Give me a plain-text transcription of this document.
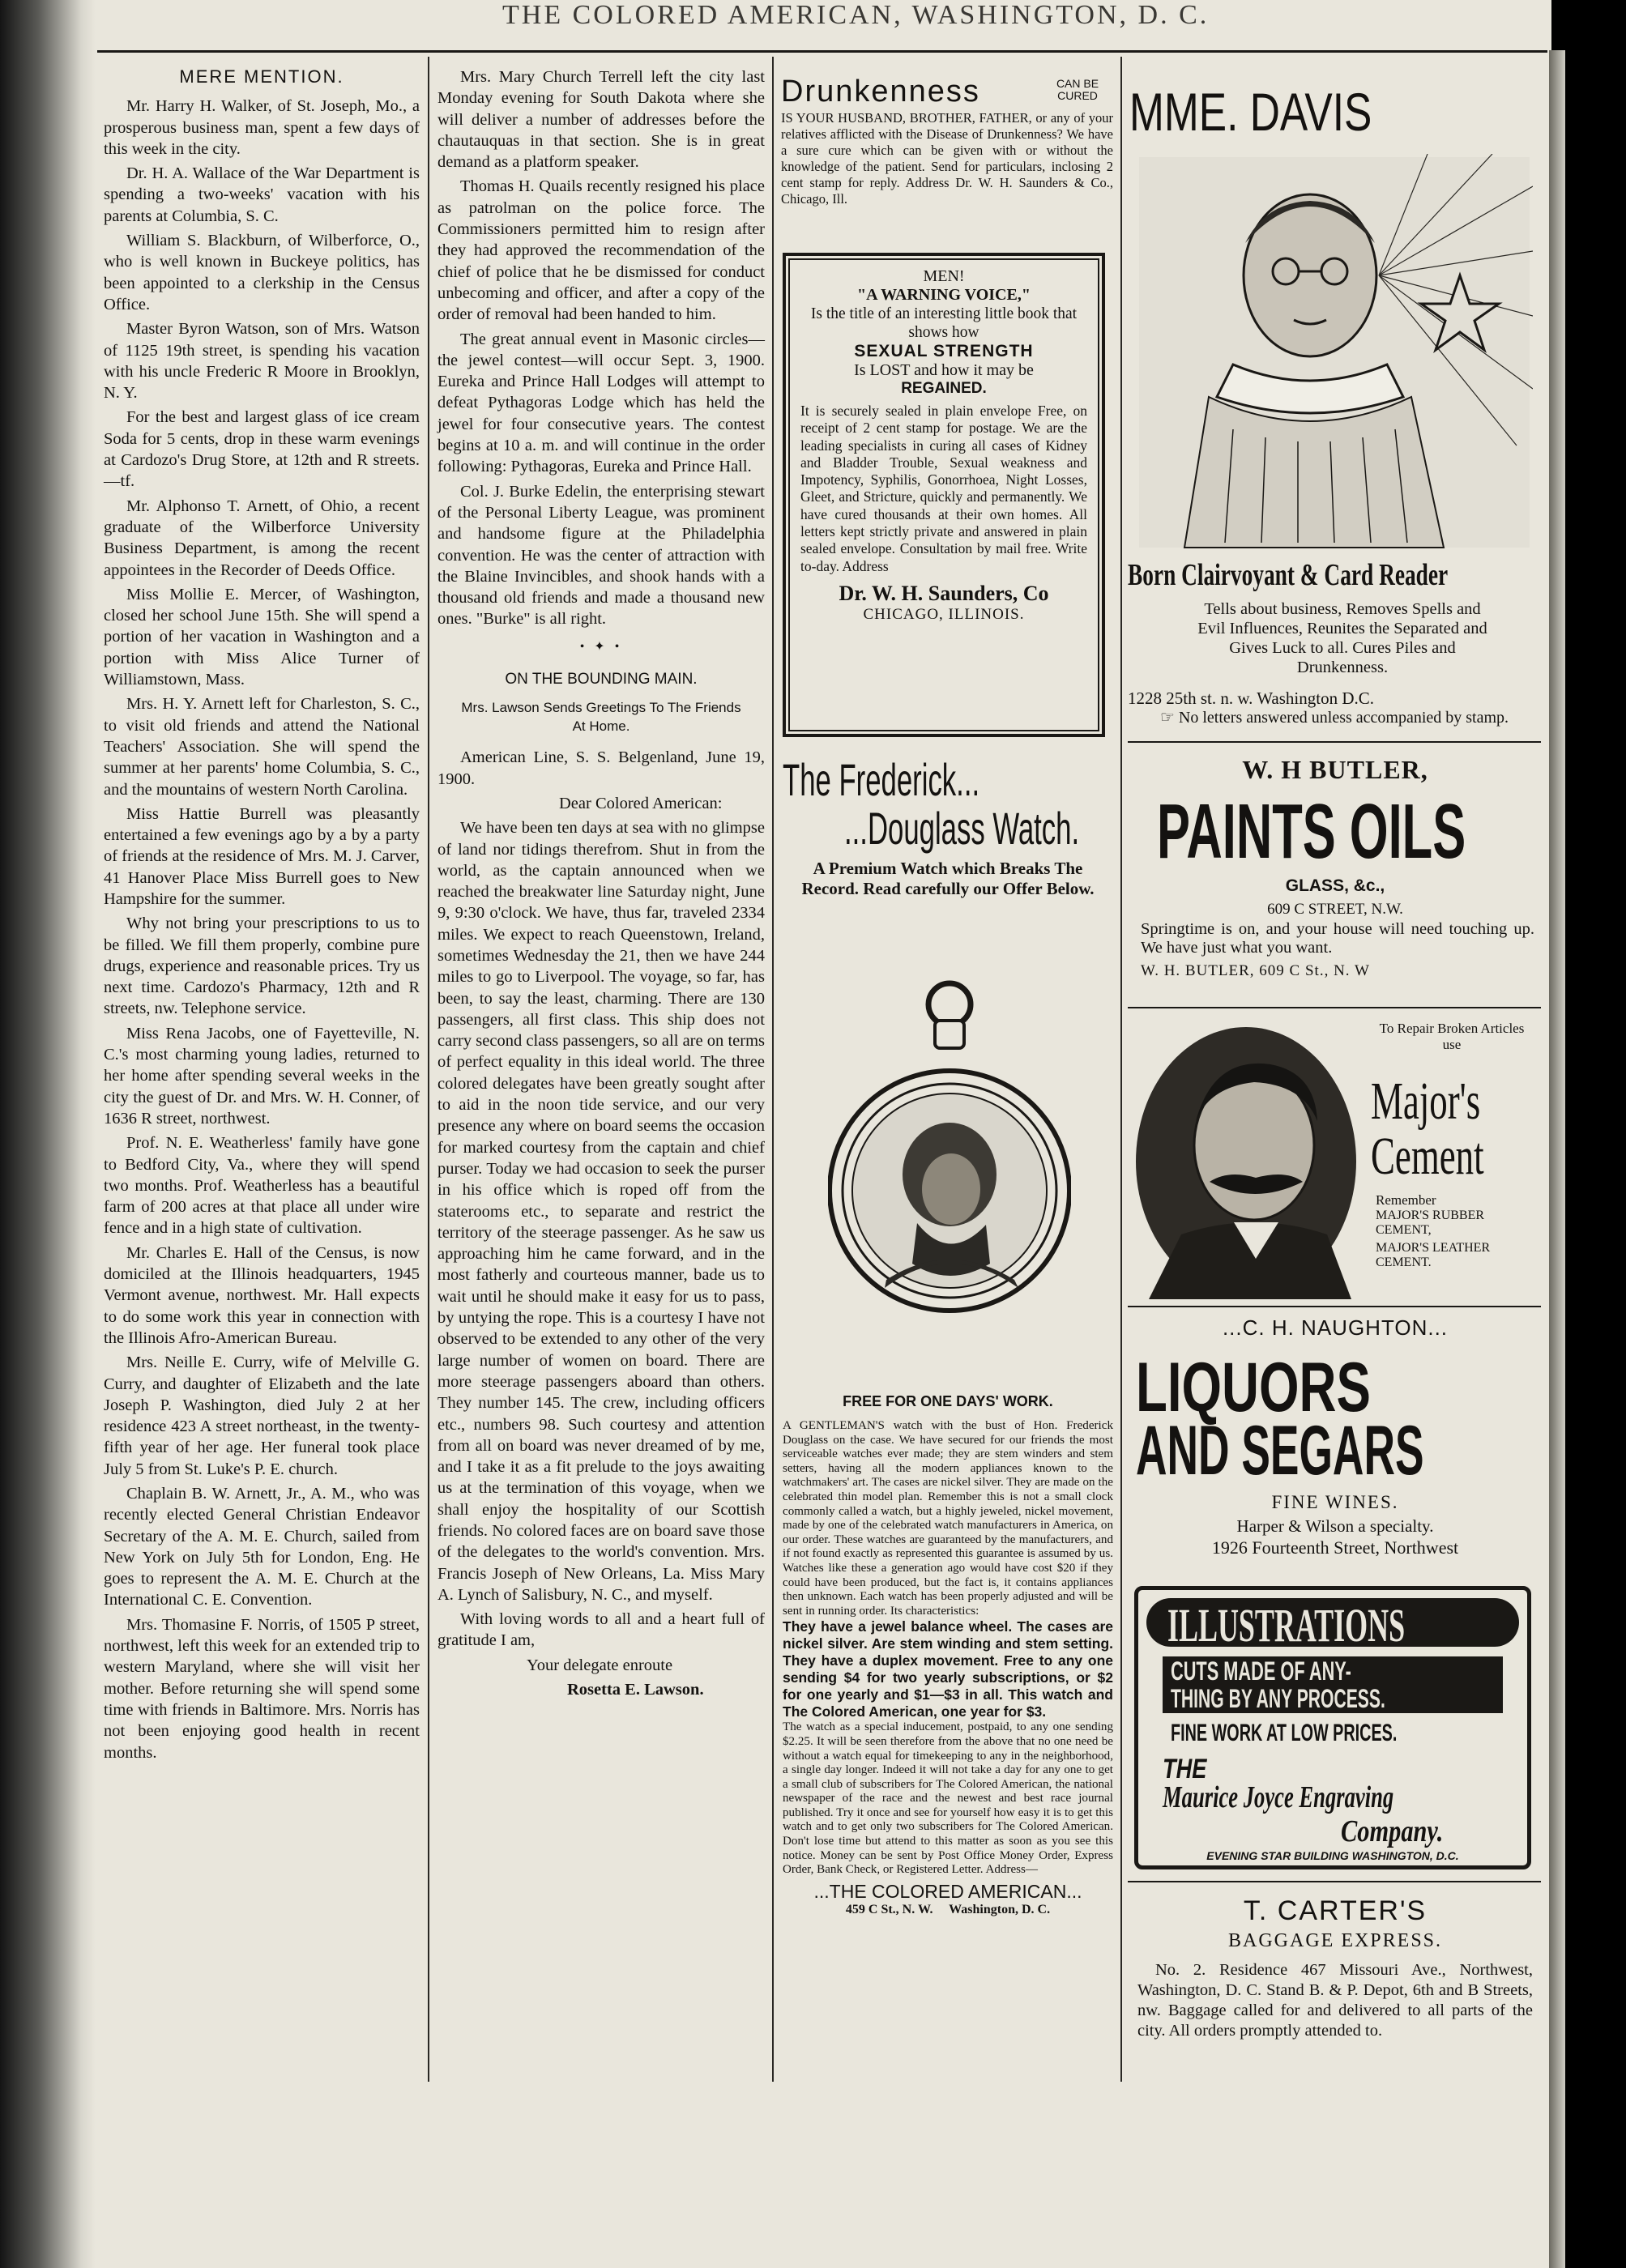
THE COLORED AMERICAN, WASHINGTON, D. C.
MERE MENTION.

Mr. Harry H. Walker, of St. Joseph, Mo., a prosperous business man, spent a few days of this week in the city.

Dr. H. A. Wallace of the War Department is spending a two-weeks' vacation with his parents at Columbia, S. C.

William S. Blackburn, of Wilberforce, O., who is well known in Buckeye politics, has been appointed to a clerkship in the Census Office.

Master Byron Watson, son of Mrs. Watson of 1125 19th street, is spending his vacation with his uncle Frederic R Moore in Brooklyn, N. Y.

For the best and largest glass of ice cream Soda for 5 cents, drop in these warm evenings at Cardozo's Drug Store, at 12th and R streets. —tf.

Mr. Alphonso T. Arnett, of Ohio, a recent graduate of the Wilberforce University Business Department, is among the recent appointees in the Recorder of Deeds Office.

Miss Mollie E. Mercer, of Washington, closed her school June 15th. She will spend a portion of her vacation in Washington and a portion with Miss Alice Turner of Williamstown, Mass.

Mrs. H. Y. Arnett left for Charleston, S. C., to visit old friends and attend the National Teachers' Association. She will spend the summer at her parents' home Columbia, S. C., and the mountains of western North Carolina.

Miss Hattie Burrell was pleasantly entertained a few evenings ago by a by a party of friends at the residence of Mrs. M. J. Carver, 41 Hanover Place Miss Burrell goes to New Hampshire for the summer.

Why not bring your prescriptions to us to be filled. We fill them properly, combine pure drugs, experience and reasonable prices. Try us next time. Cardozo's Pharmacy, 12th and R streets, nw. Telephone service.

Miss Rena Jacobs, one of Fayetteville, N. C.'s most charming young ladies, returned to her home after spending several weeks in the city the guest of Dr. and Mrs. W. H. Conner, of 1636 R street, northwest.

Prof. N. E. Weatherless' family have gone to Bedford City, Va., where they will spend two months. Prof. Weatherless has a beautiful farm of 200 acres at that place all under wire fence and in a high state of cultivation.

Mr. Charles E. Hall of the Census, is now domiciled at the Illinois headquarters, 1945 Vermont avenue, northwest. Mr. Hall expects to do some work this year in connection with the Illinois Afro-American Bureau.

Mrs. Neille E. Curry, wife of Melville G. Curry, and daughter of Elizabeth and the late Joseph P. Washington, died July 2 at her residence 423 A street northeast, in the twenty-fifth year of her age. Her funeral took place July 5 from St. Luke's P. E. church.

Chaplain B. W. Arnett, Jr., A. M., who was recently elected General Christian Endeavor Secretary of the A. M. E. Church, sailed from New York on July 5th for London, Eng. He goes to represent the A. M. E. Church at the International C. E. Convention.

Mrs. Thomasine F. Norris, of 1505 P street, northwest, left this week for an extended trip to western Maryland, where she will visit her mother. Before returning she will spend some time with friends in Baltimore. Mrs. Norris has not been enjoying good health in recent months.

Mrs. Mary Church Terrell left the city last Monday evening for South Dakota where she will deliver a number of addresses before the chautauquas in that section. She is in great demand as a platform speaker.

Thomas H. Quails recently resigned his place as patrolman on the police force. The Commissioners permitted him to resign after they had approved the recommendation of the chief of police that he be dismissed for conduct unbecoming and officer, and after a copy of the order of removal had been handed to him.

The great annual event in Masonic circles—the jewel contest—will occur Sept. 3, 1900. Eureka and Prince Hall Lodges will attempt to defeat Pythagoras Lodge which has held the jewel for four consecutive years. The contest begins at 10 a. m. and will continue in the order following: Pythagoras, Eureka and Prince Hall.

Col. J. Burke Edelin, the enterprising stewart of the Personal Liberty League, was prominent and handsome figure at the Philadelphia convention. He was the center of attraction with the Blaine Invincibles, and shook hands with a thousand old friends and made a thousand new ones. "Burke" is all right.

• ✦ •
ON THE BOUNDING MAIN.
Mrs. Lawson Sends Greetings To The Friends At Home.

American Line, S. S. Belgenland, June 19, 1900.

Dear Colored American:

We have been ten days at sea with no glimpse of land nor tidings therefrom. Shut in from the world, as the captain announced when we reached the breakwater line Saturday night, June 9, 9:30 o'clock. We have, thus far, traveled 2334 miles. We expect to reach Queenstown, Ireland, sometimes Wednesday the 21, then we have 244 miles to go to Liverpool. The voyage, so far, has been, to say the least, charming. There are 130 passengers, all first class. This ship does not carry second class passengers, so all are on terms of perfect equality in this ideal world. The three colored delegates have been greatly sought after to aid in the noon tide service, and our very presence any where on board seems the occasion for marked courtesy from the captain and chief purser. Today we had occasion to seek the purser in his office which is roped off from the staterooms etc., to separate and restrict the territory of the steerage passenger. As he saw us approaching him he came forward, and in the most fatherly and courteous manner, bade us to wait until he should make it easy for us to pass, by untying the rope. This is a courtesy I have not observed to be extended to any other of the very large number of women on board. There are more steerage passengers aboard than others. They number 145. The crew, including officers etc., numbers 98. Such courtesy and attention from all on board was never dreamed of by me, and I take it as a fit prelude to the joys awaiting us at the termination of this voyage, when we shall enjoy the hospitality of our Scottish friends. No colored faces are on board save those of the delegates to the world's convention. Mrs. Francis Joseph of New Orleans, La. Miss Mary A. Lynch of Salisbury, N. C., and myself.

With loving words to all and a heart full of gratitude I am,

Your delegate enroute

Rosetta E. Lawson.

Drunkenness	CAN BE CURED
IS YOUR HUSBAND, BROTHER, FATHER, or any of your relatives afflicted with the Disease of Drunkenness? We have a sure cure which can be given with or without the knowledge of the patient. Send for particulars, inclosing 2 cent stamp for reply. Address Dr. W. H. Saunders & Co., Chicago, Ill.
MEN!
"A WARNING VOICE,"
Is the title of an interesting little book that shows how
SEXUAL STRENGTH
Is LOST and how it may be
REGAINED.
It is securely sealed in plain envelope Free, on receipt of 2 cent stamp for postage. We are the leading specialists in curing all cases of Kidney and Bladder Trouble, Sexual weakness and Impotency, Syphilis, Gonorrhoea, Night Losses, Gleet, and Stricture, quickly and permanently. We have cured thousands at their own homes. All letters kept strictly private and answered in plain sealed envelope. Consultation by mail free. Write to-day. Address
Dr. W. H. Saunders, Co
CHICAGO, ILLINOIS.
The Frederick...
...Douglass Watch.
A Premium Watch which Breaks The Record. Read carefully our Offer Below.
FREE FOR ONE DAYS' WORK.
A GENTLEMAN'S watch with the bust of Hon. Frederick Douglass on the case. We have secured for our friends the most serviceable watches ever made; they are stem winders and stem setters, having all the modern appliances known to the watchmakers' art. The cases are nickel silver. They are made on the celebrated thin model plan. Remember this is not a small clock commonly called a watch, but a highly jeweled, nickel movement, made by one of the celebrated watch manufacturers in America, on our order. These watches are guaranteed by the manufacturers, and if not found exactly as represented this guarantee is assumed by us. Watches like these a generation ago would have cost $20 if they could have been produced, but the fact is, it contains appliances then unknown. Each watch has been properly adjusted and will be sent in running order. Its characteristics:
They have a jewel balance wheel. The cases are nickel silver. Are stem winding and stem setting. They have a duplex movement. Free to any one sending $4 for two yearly subscriptions, or $2 for one yearly and $1—$3 in all. This watch and The Colored American, one year for $3.
The watch as a special inducement, postpaid, to any one sending $2.25. It will be seen therefore from the above that no one need be without a watch equal for timekeeping to any in the neighborhood, a single day longer. Indeed it will not take a day for any one to get a small club of subscribers for The Colored American, the national newspaper of the race and the newest and best race journal published. Try it once and see for yourself how easy it is to get this watch and to get only two subscribers for The Colored American. Don't lose time but attend to this matter as soon as you see this notice. Money can be sent by Post Office Money Order, Express Order, Bank Check, or Registered Letter. Address—
...THE COLORED AMERICAN...
459 C St., N. W.     Washington, D. C.
MME. DAVIS
Born Clairvoyant & Card Reader
Tells about business, Removes Spells and Evil Influences, Reunites the Separated and Gives Luck to all. Cures Piles and Drunkenness.
1228 25th st. n. w. Washington D.C.
☞ No letters answered unless accompanied by stamp.
W. H BUTLER,
PAINTS OILS
GLASS, &c.,
609 C STREET, N.W.
Springtime is on, and your house will need touching up. We have just what you want.
W. H. BUTLER, 609 C St., N. W
To Repair Broken Articles use
Major's
Cement
Remember
MAJOR'S RUBBER CEMENT,
MAJOR'S LEATHER CEMENT.
...C. H. NAUGHTON...
LIQUORS
AND SEGARS
FINE WINES.
Harper & Wilson a specialty.
1926 Fourteenth Street, Northwest
ILLUSTRATIONS
CUTS MADE OF ANY-
THING BY ANY PROCESS.
FINE WORK AT LOW PRICES.
THE
Maurice Joyce Engraving
Company.
EVENING STAR BUILDING WASHINGTON, D.C.
T. CARTER'S
BAGGAGE EXPRESS.
No. 2. Residence 467 Missouri Ave., Northwest, Washington, D. C. Stand B. & P. Depot, 6th and B Streets, nw. Baggage called for and delivered to all parts of the city. All orders promptly attended to.
